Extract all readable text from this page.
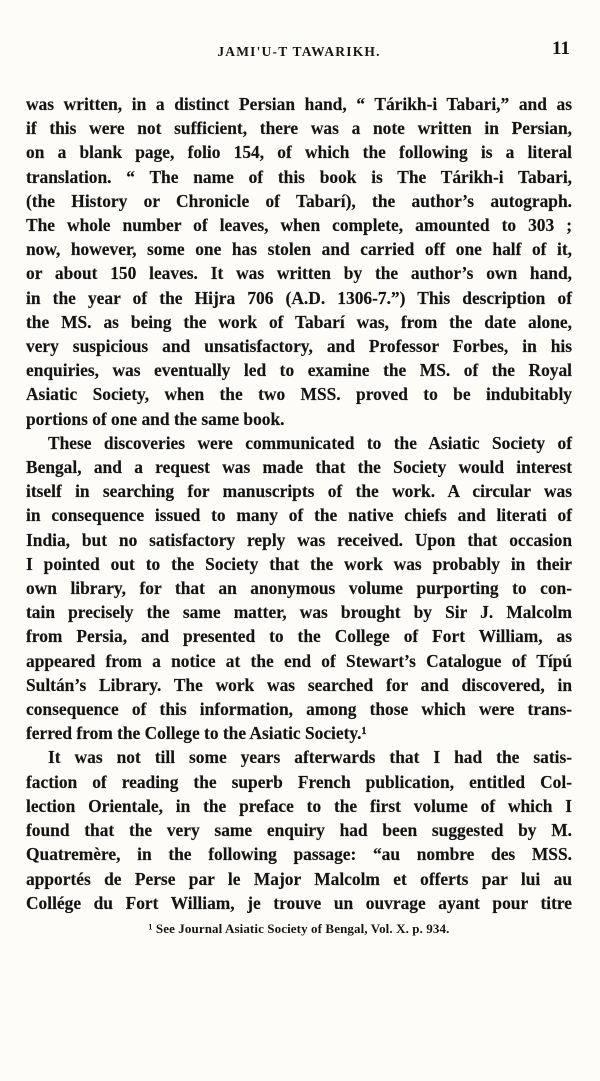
JAMI'U-T TAWARIKH.	11
was written, in a distinct Persian hand, “ Tárikh-i Tabari,” and as
if this were not sufficient, there was a note written in Persian,
on a blank page, folio 154, of which the following is a literal
translation. “ The name of this book is The Tárikh-i Tabari,
(the History or Chronicle of Tabarí), the author’s autograph.
The whole number of leaves, when complete, amounted to 303 ;
now, however, some one has stolen and carried off one half of it,
or about 150 leaves. It was written by the author’s own hand,
in the year of the Hijra 706 (A.D. 1306-7.”) This description of
the MS. as being the work of Tabarí was, from the date alone,
very suspicious and unsatisfactory, and Professor Forbes, in his
enquiries, was eventually led to examine the MS. of the Royal
Asiatic Society, when the two MSS. proved to be indubitably
portions of one and the same book.
These discoveries were communicated to the Asiatic Society of
Bengal, and a request was made that the Society would interest
itself in searching for manuscripts of the work. A circular was
in consequence issued to many of the native chiefs and literati of
India, but no satisfactory reply was received. Upon that occasion
I pointed out to the Society that the work was probably in their
own library, for that an anonymous volume purporting to con-
tain precisely the same matter, was brought by Sir J. Malcolm
from Persia, and presented to the College of Fort William, as
appeared from a notice at the end of Stewart’s Catalogue of Típú
Sultán’s Library. The work was searched for and discovered, in
consequence of this information, among those which were trans-
ferred from the College to the Asiatic Society.¹
It was not till some years afterwards that I had the satis-
faction of reading the superb French publication, entitled Col-
lection Orientale, in the preface to the first volume of which I
found that the very same enquiry had been suggested by M.
Quatremère, in the following passage: “au nombre des MSS.
apportés de Perse par le Major Malcolm et offerts par lui au
Collége du Fort William, je trouve un ouvrage ayant pour titre
¹ See Journal Asiatic Society of Bengal, Vol. X. p. 934.
